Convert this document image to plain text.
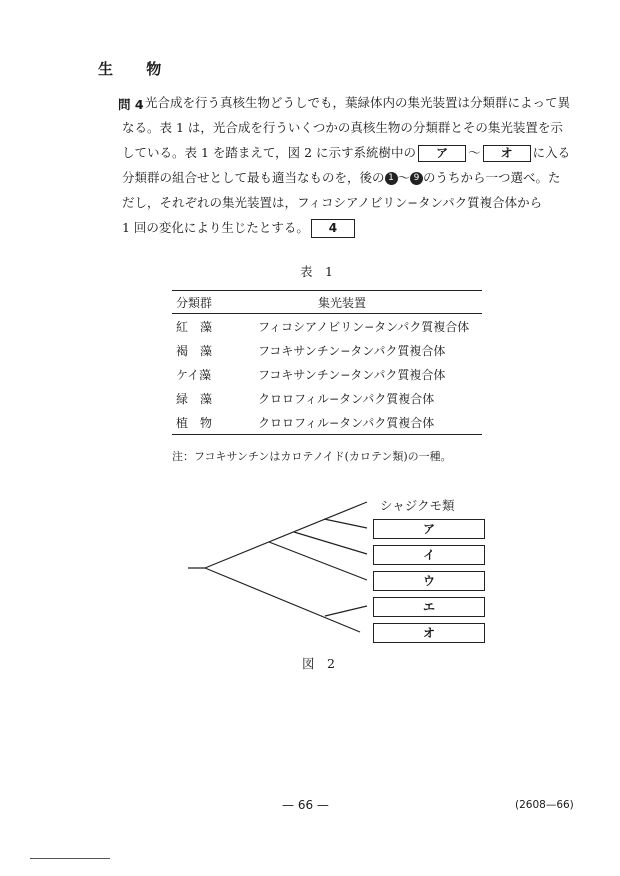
生 物
問 4 光合成を行う真核生物どうしでも，葉緑体内の集光装置は分類群によって異
なる。表 1 は，光合成を行ういくつかの真核生物の分類群とその集光装置を示
している。表 1 を踏まえて，図 2 に示す系統樹中の ア ～ オ に入る
分類群の組合せとして最も適当なものを，後の 1 ～ 9 のうちから一つ選べ。た
だし，それぞれの集光装置は，フィコシアノビリン−タンパク質複合体から
1 回の変化により生じたとする。 4
表　1
分類群	集光装置
紅　藻	フィコシアノビリン−タンパク質複合体
褐　藻	フコキサンチン−タンパク質複合体
ケイ藻	フコキサンチン−タンパク質複合体
緑　藻	クロロフィル−タンパク質複合体
植　物	クロロフィル−タンパク質複合体
注：フコキサンチンはカロテノイド(カロテン類)の一種。
シャジクモ類
ア
イ
ウ
エ
オ
図　2
— 66 —	(2608—66)
